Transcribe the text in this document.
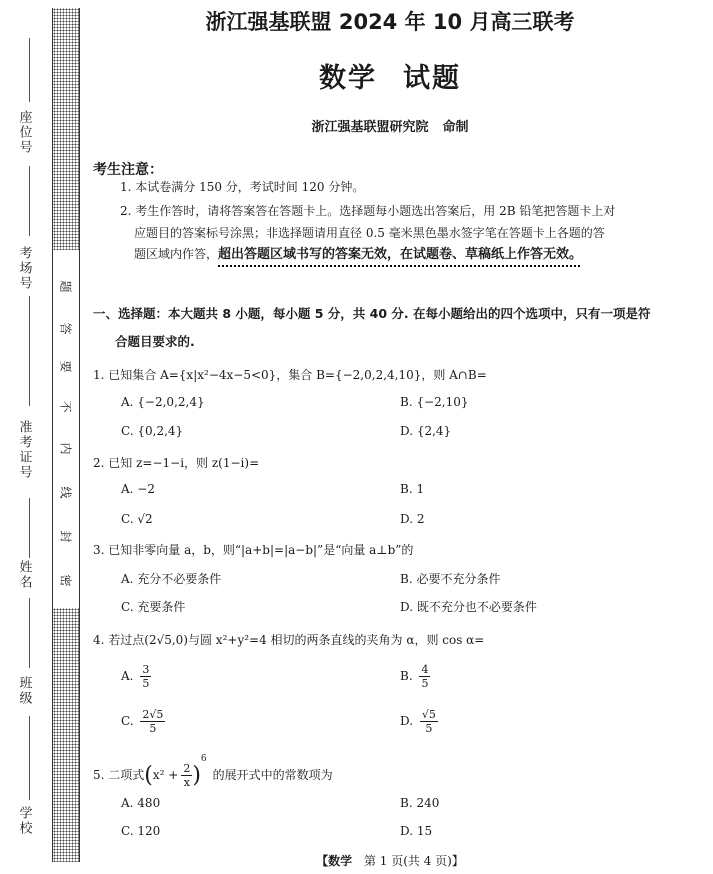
座位号
考场号
准考证号
姓名
班级
学校
密
封
线
内
不
要
答
题
浙江强基联盟 2024 年 10 月高三联考
数学 试题
浙江强基联盟研究院 命制
考生注意：
1. 本试卷满分 150 分，考试时间 120 分钟。
2. 考生作答时，请将答案答在答题卡上。选择题每小题选出答案后，用 2B 铅笔把答题卡上对
应题目的答案标号涂黑；非选择题请用直径 0.5 毫米黑色墨水签字笔在答题卡上各题的答
题区域内作答，超出答题区域书写的答案无效，在试题卷、草稿纸上作答无效。
一、选择题：本大题共 8 小题，每小题 5 分，共 40 分. 在每小题给出的四个选项中，只有一项是符
合题目要求的.
1. 已知集合 A={x|x²−4x−5<0}，集合 B={−2,0,2,4,10}，则 A∩B=
A. {−2,0,2,4}	B. {−2,10}
C. {0,2,4}	D. {2,4}
2. 已知 z=−1−i，则 z(1−i)=
A. −2	B. 1
C. √2	D. 2
3. 已知非零向量 a，b，则“|a+b|=|a−b|”是“向量 a⊥b”的
A. 充分不必要条件	B. 必要不充分条件
C. 充要条件	D. 既不充分也不必要条件
4. 若过点(2√5,0)与圆 x²+y²=4 相切的两条直线的夹角为 α，则 cos α=
A. $\frac{3}{5}$	B. $\frac{4}{5}$
C. $\frac{2√5}{5}$	D. $\frac{√5}{5}$
5. 二项式$(x^2 + \frac{2}{x} )^6$的展开式中的常数项为
A. 480	B. 240
C. 120	D. 15
【数学 第 1 页(共 4 页)】
